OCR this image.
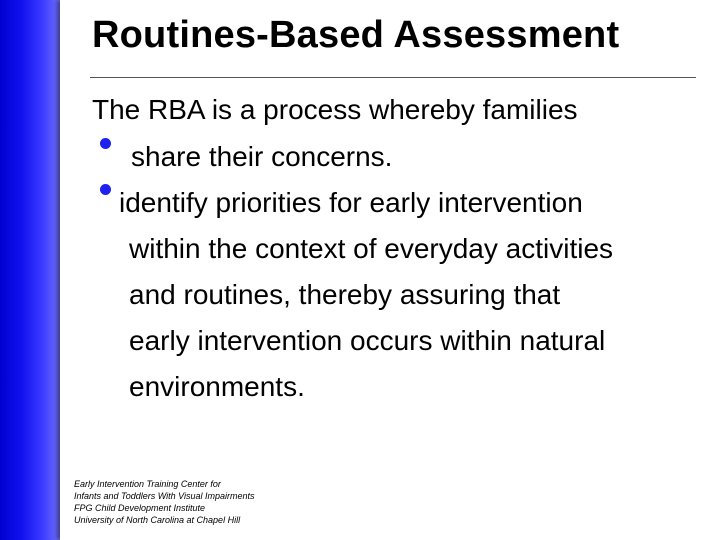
Routines-Based Assessment
The RBA is a process whereby families
share their concerns.
identify priorities for early intervention
within the context of everyday activities
and routines, thereby assuring that
early intervention occurs within natural
environments.
Early Intervention Training Center for
Infants and Toddlers With Visual Impairments
FPG Child Development Institute
University of North Carolina at Chapel Hill
